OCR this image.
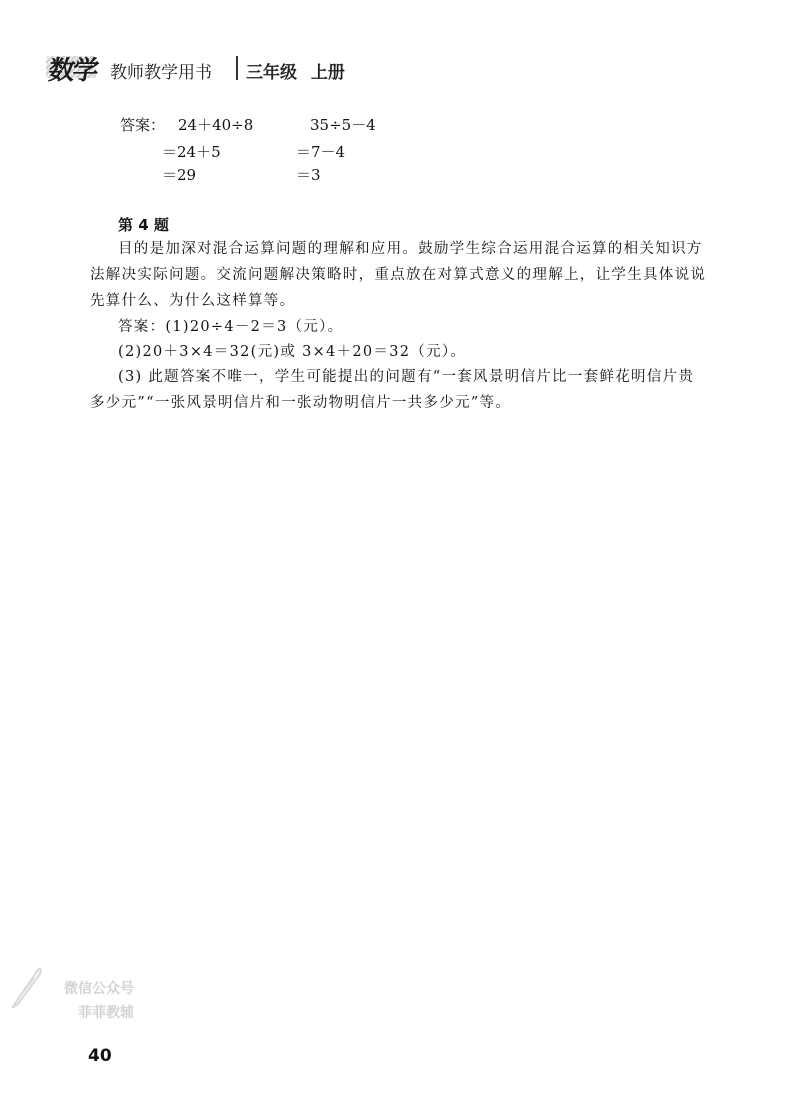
数学 教师教学用书 三年级 上册
答案： 24＋40÷8
＝24＋5
＝29
35÷5－4
＝7－4
＝3
第 4 题
目的是加深对混合运算问题的理解和应用。鼓励学生综合运用混合运算的相关知识方法解决实际问题。交流问题解决策略时，重点放在对算式意义的理解上，让学生具体说说先算什么、为什么这样算等。
答案：(1)20÷4－2＝3（元）。
(2)20＋3×4＝32(元)或 3×4＋20＝32（元）。
(3) 此题答案不唯一，学生可能提出的问题有“一套风景明信片比一套鲜花明信片贵多少元”“一张风景明信片和一张动物明信片一共多少元”等。
微信公众号
菲菲教辅
40
